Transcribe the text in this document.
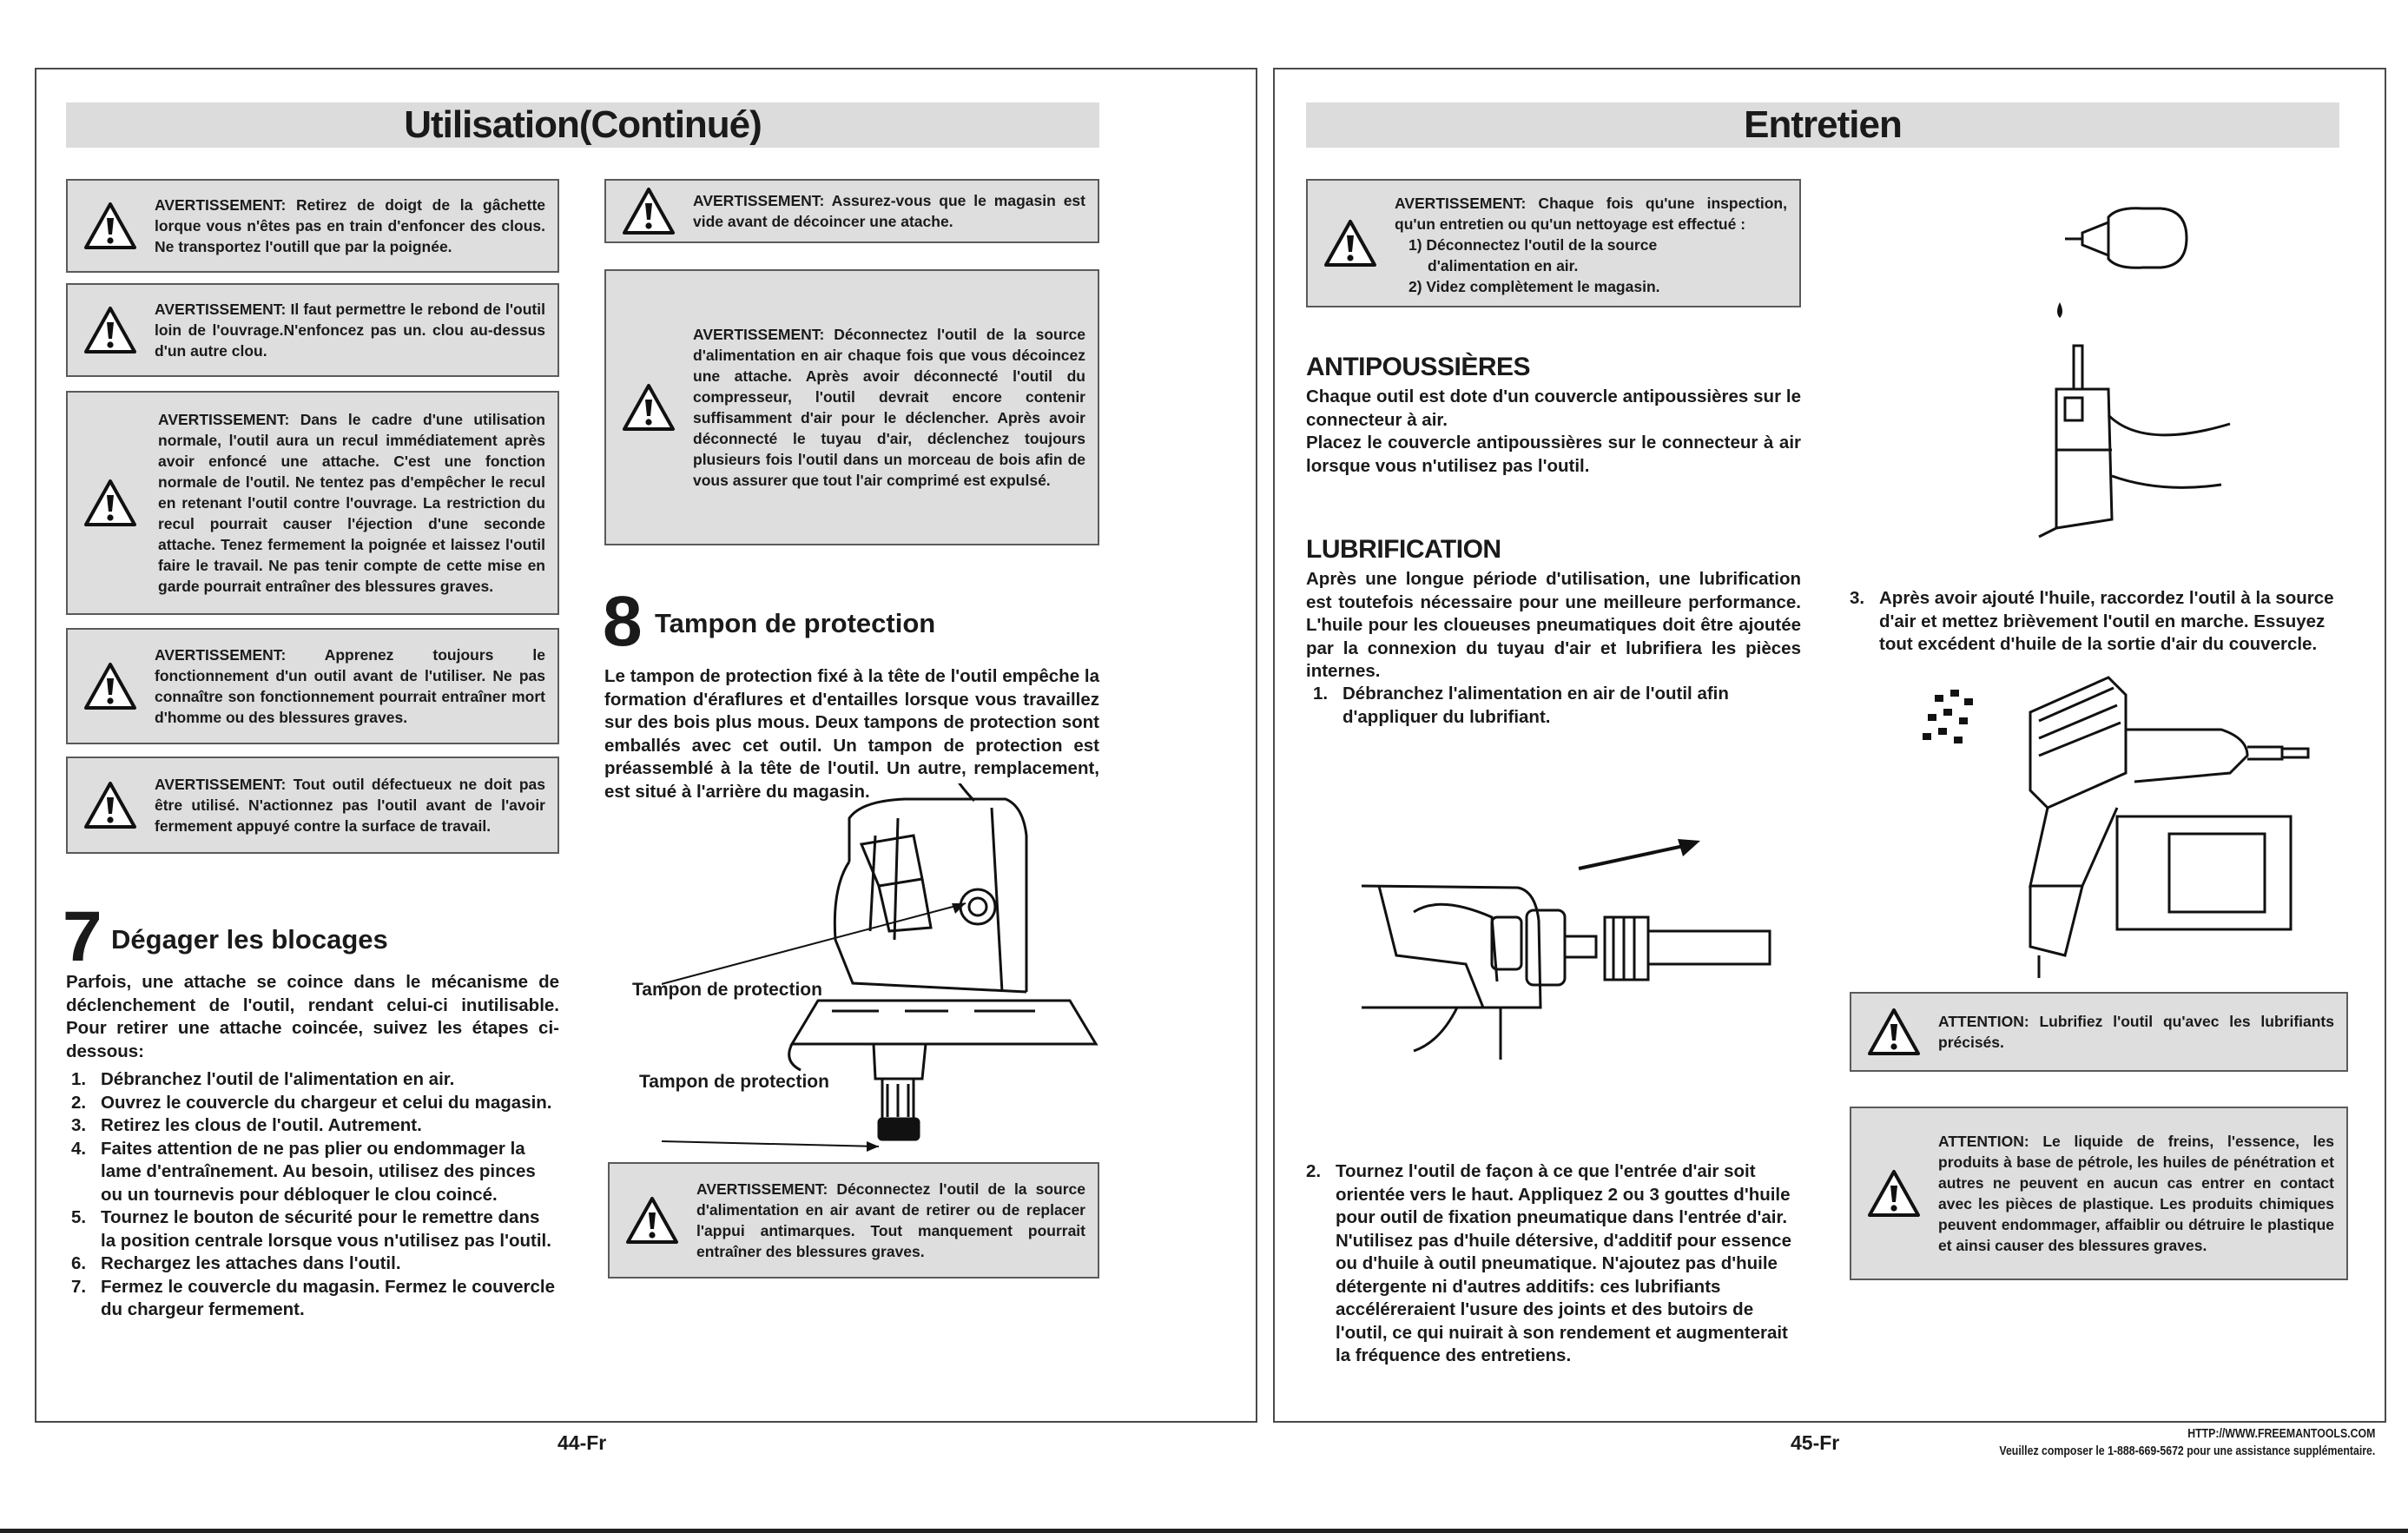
Utilisation(Continué)
AVERTISSEMENT: Retirez de doigt de la gâchette lorque vous n'êtes pas en train d'enfoncer des clous. Ne transportez l'outill que par la poignée.
AVERTISSEMENT: Il faut permettre le rebond de l'outil loin de l'ouvrage.N'enfoncez pas un. clou au-dessus d'un autre clou.
AVERTISSEMENT: Dans le cadre d'une utilisation normale, l'outil aura un recul immédiatement après avoir enfoncé une attache. C'est une fonction normale de l'outil. Ne tentez pas d'empêcher le recul en retenant l'outil contre l'ouvrage. La restriction du recul pourrait causer l'éjection d'une seconde attache. Tenez fermement la poignée et laissez l'outil faire le travail. Ne pas tenir compte de cette mise en garde pourrait entraîner des blessures graves.
AVERTISSEMENT: Apprenez toujours le fonctionnement d'un outil avant de l'utiliser. Ne pas connaître son fonctionnement pourrait entraîner mort d'homme ou des blessures graves.
AVERTISSEMENT: Tout outil défectueux ne doit pas être utilisé. N'actionnez pas l'outil avant de l'avoir fermement appuyé contre la surface de travail.
7 Dégager les blocages
Parfois, une attache se coince dans le mécanisme de déclenchement de l'outil, rendant celui-ci inutilisable. Pour retirer une attache coincée, suivez les étapes ci-dessous:
1. Débranchez l'outil de l'alimentation en air.
2. Ouvrez le couvercle du chargeur et celui du magasin.
3. Retirez les clous de l'outil. Autrement.
4. Faites attention de ne pas plier ou endommager la lame d'entraînement. Au besoin, utilisez des pinces ou un tournevis pour débloquer le clou coincé.
5. Tournez le bouton de sécurité pour le remettre dans la position centrale lorsque vous n'utilisez pas l'outil.
6. Rechargez les attaches dans l'outil.
7. Fermez le couvercle du magasin. Fermez le couvercle du chargeur fermement.
AVERTISSEMENT: Assurez-vous que le magasin est vide avant de décoincer une atache.
AVERTISSEMENT: Déconnectez l'outil de la source d'alimentation en air chaque fois que vous décoincez une attache. Après avoir déconnecté l'outil du compresseur, l'outil devrait encore contenir suffisamment d'air pour le déclencher. Après avoir déconnecté le tuyau d'air, déclenchez toujours plusieurs fois l'outil dans un morceau de bois afin de vous assurer que tout l'air comprimé est expulsé.
8 Tampon de protection
Le tampon de protection fixé à la tête de l'outil empêche la formation d'éraflures et d'entailles lorsque vous travaillez sur des bois plus mous. Deux tampons de protection sont emballés avec cet outil. Un tampon de protection est préassemblé à la tête de l'outil. Un autre, remplacement, est situé à l'arrière du magasin.
Tampon de protection
Tampon de protection
AVERTISSEMENT: Déconnectez l'outil de la source d'alimentation en air avant de retirer ou de replacer l'appui antimarques. Tout manquement pourrait entraîner des blessures graves.
44-Fr
Entretien
AVERTISSEMENT: Chaque fois qu'une inspection, qu'un entretien ou qu'un nettoyage est effectué :
1) Déconnectez l'outil de la source
d'alimentation en air.
2) Videz complètement le magasin.
ANTIPOUSSIÈRES
Chaque outil est dote d'un couvercle antipoussières sur le connecteur à air.
Placez le couvercle antipoussières sur le connecteur à air lorsque vous n'utilisez pas l'outil.
LUBRIFICATION
Après une longue période d'utilisation, une lubrification est toutefois nécessaire pour une meilleure performance. L'huile pour les cloueuses pneumatiques doit être ajoutée par la connexion du tuyau d'air et lubrifiera les pièces internes.
1. Débranchez l'alimentation en air de l'outil afin d'appliquer du lubrifiant.
2. Tournez l'outil de façon à ce que l'entrée d'air soit orientée vers le haut. Appliquez 2 ou 3 gouttes d'huile pour outil de fixation pneumatique dans l'entrée d'air. N'utilisez pas d'huile détersive, d'additif pour essence ou d'huile à outil pneumatique. N'ajoutez pas d'huile détergente ni d'autres additifs: ces lubrifiants accéléreraient l'usure des joints et des butoirs de l'outil, ce qui nuirait à son rendement et augmenterait la fréquence des entretiens.
3. Après avoir ajouté l'huile, raccordez l'outil à la source d'air et mettez brièvement l'outil en marche. Essuyez tout excédent d'huile de la sortie d'air du couvercle.
ATTENTION: Lubrifiez l'outil qu'avec les lubrifiants précisés.
ATTENTION: Le liquide de freins, l'essence, les produits à base de pétrole, les huiles de pénétration et autres ne peuvent en aucun cas entrer en contact avec les pièces de plastique. Les produits chimiques peuvent endommager, affaiblir ou détruire le plastique et ainsi causer des blessures graves.
45-Fr	HTTP://WWW.FREEMANTOOLS.COM
Veuillez composer le 1-888-669-5672 pour une assistance supplémentaire.
